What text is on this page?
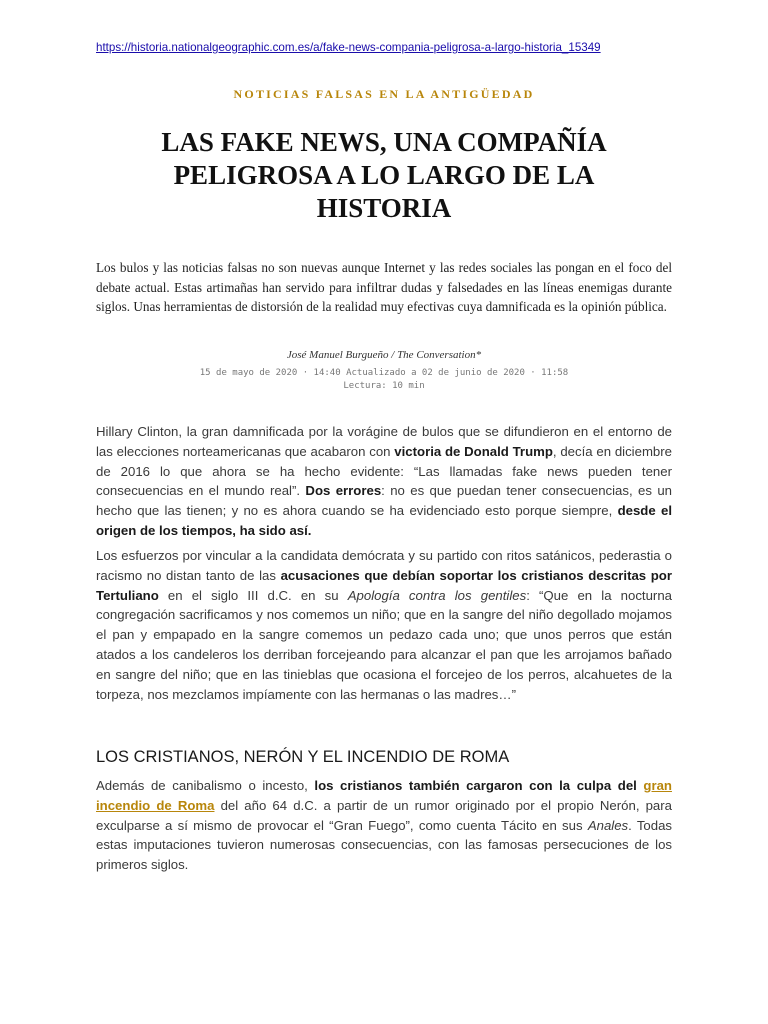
https://historia.nationalgeographic.com.es/a/fake-news-compania-peligrosa-a-largo-historia_15349
NOTICIAS FALSAS EN LA ANTIGÜEDAD
LAS FAKE NEWS, UNA COMPAÑÍA PELIGROSA A LO LARGO DE LA HISTORIA

Los bulos y las noticias falsas no son nuevas aunque Internet y las redes sociales las pongan en el foco del debate actual. Estas artimañas han servido para infiltrar dudas y falsedades en las líneas enemigas durante siglos. Unas herramientas de distorsión de la realidad muy efectivas cuya damnificada es la opinión pública.

José Manuel Burgueño / The Conversation*
15 de mayo de 2020 · 14:40 Actualizado a 02 de junio de 2020 · 11:58
Lectura: 10 min

Hillary Clinton, la gran damnificada por la vorágine de bulos que se difundieron en el entorno de las elecciones norteamericanas que acabaron con victoria de Donald Trump, decía en diciembre de 2016 lo que ahora se ha hecho evidente: “Las llamadas fake news pueden tener consecuencias en el mundo real”. Dos errores: no es que puedan tener consecuencias, es un hecho que las tienen; y no es ahora cuando se ha evidenciado esto porque siempre, desde el origen de los tiempos, ha sido así.

Los esfuerzos por vincular a la candidata demócrata y su partido con ritos satánicos, pederastia o racismo no distan tanto de las acusaciones que debían soportar los cristianos descritas por Tertuliano en el siglo III d.C. en su Apología contra los gentiles: “Que en la nocturna congregación sacrificamos y nos comemos un niño; que en la sangre del niño degollado mojamos el pan y empapado en la sangre comemos un pedazo cada uno; que unos perros que están atados a los candeleros los derriban forcejeando para alcanzar el pan que les arrojamos bañado en sangre del niño; que en las tinieblas que ocasiona el forcejeo de los perros, alcahuetes de la torpeza, nos mezclamos impíamente con las hermanas o las madres…”

LOS CRISTIANOS, NERÓN Y EL INCENDIO DE ROMA

Además de canibalismo o incesto, los cristianos también cargaron con la culpa del gran incendio de Roma del año 64 d.C. a partir de un rumor originado por el propio Nerón, para exculparse a sí mismo de provocar el “Gran Fuego”, como cuenta Tácito en sus Anales. Todas estas imputaciones tuvieron numerosas consecuencias, con las famosas persecuciones de los primeros siglos.
